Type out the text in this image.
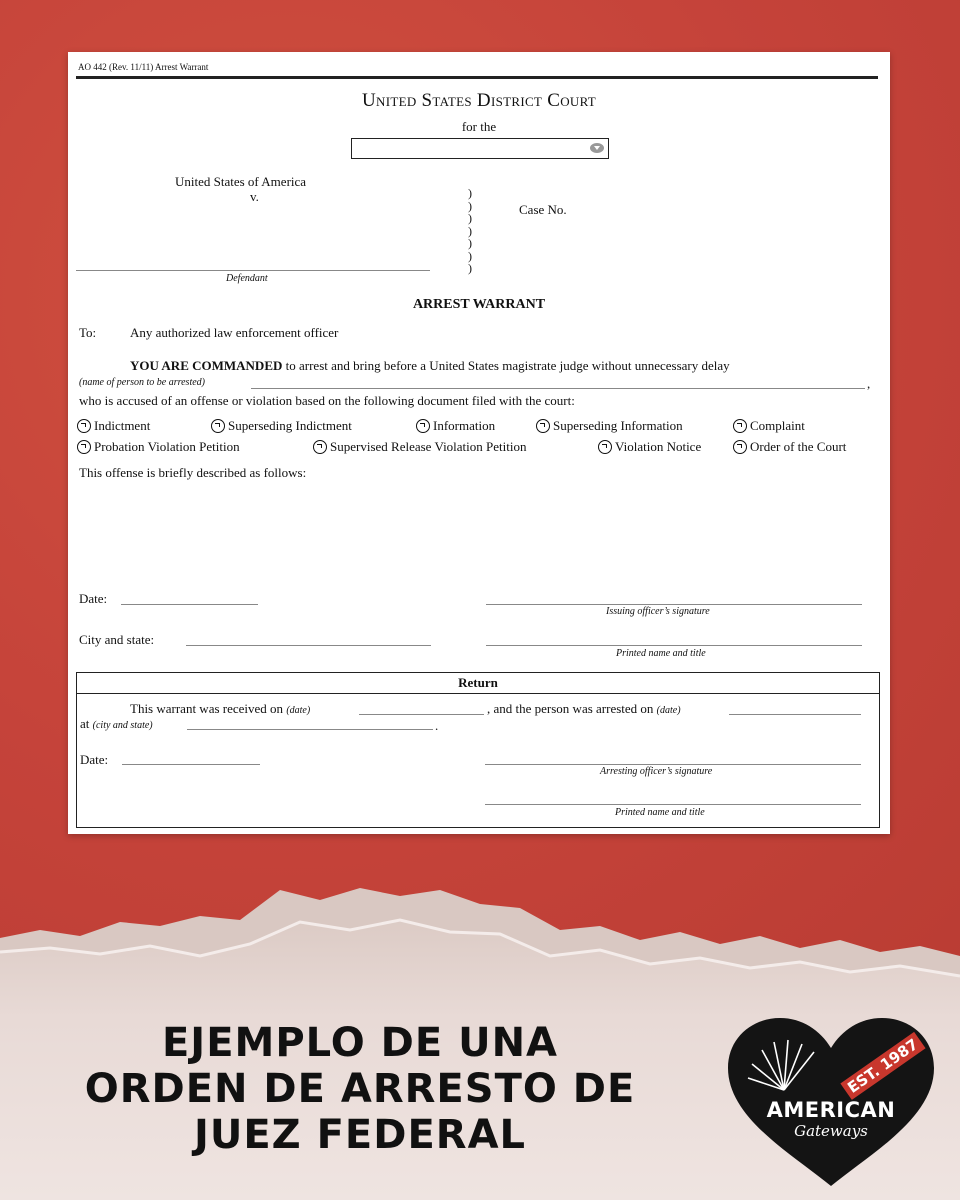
AO 442 (Rev. 11/11) Arrest Warrant
United States District Court
for the
United States of America
v.	)
)
)
)
)
)
)
Case No.
Defendant
ARREST WARRANT
To:	Any authorized law enforcement officer
YOU ARE COMMANDED to arrest and bring before a United States magistrate judge without unnecessary delay
(name of person to be arrested)	,
who is accused of an offense or violation based on the following document filed with the court:
Indictment	Superseding Indictment	Information	Superseding Information	Complaint
Probation Violation Petition	Supervised Release Violation Petition	Violation Notice	Order of the Court
This offense is briefly described as follows:
Date:
Issuing officer’s signature
City and state:
Printed name and title
Return
This warrant was received on (date)	, and the person was arrested on (date)
at (city and state)	.
Date:
Arresting officer’s signature
Printed name and title
EJEMPLO DE UNA
ORDEN DE ARRESTO DE
JUEZ FEDERAL
EST. 1987
AMERICAN
Gateways
